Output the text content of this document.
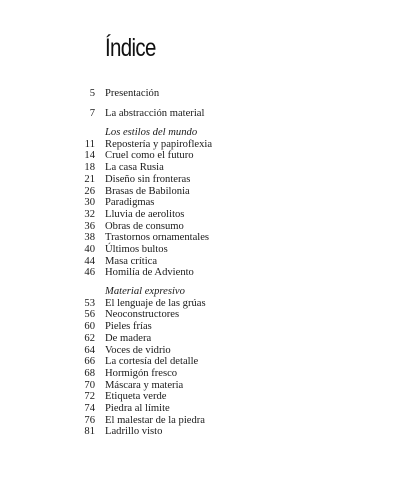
Índice
5 Presentación
7 La abstracción material
Los estilos del mundo
11 Repostería y papiroflexia
14 Cruel como el futuro
18 La casa Rusia
21 Diseño sin fronteras
26 Brasas de Babilonia
30 Paradigmas
32 Lluvia de aerolitos
36 Obras de consumo
38 Trastornos ornamentales
40 Últimos bultos
44 Masa crítica
46 Homilía de Adviento
Material expresivo
53 El lenguaje de las grúas
56 Neoconstructores
60 Pieles frías
62 De madera
64 Voces de vidrio
66 La cortesía del detalle
68 Hormigón fresco
70 Máscara y materia
72 Etiqueta verde
74 Piedra al límite
76 El malestar de la piedra
81 Ladrillo visto
